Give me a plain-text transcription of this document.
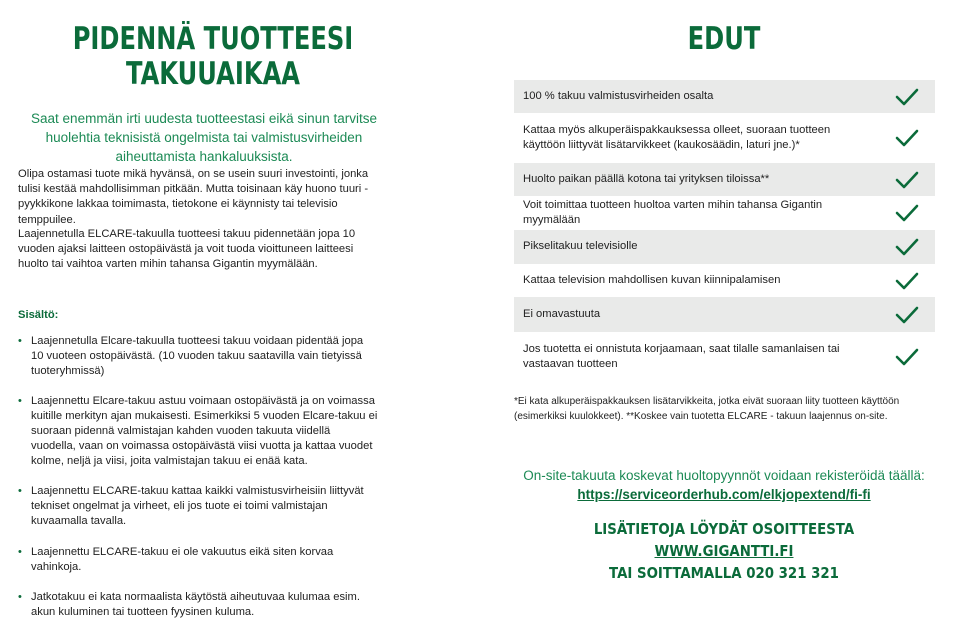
PIDENNÄ TUOTTEESI
TAKUUAIKAA
Saat enemmän irti uudesta tuotteestasi eikä sinun tarvitse huolehtia teknisistä ongelmista tai valmistusvirheiden aiheuttamista hankaluuksista.
Olipa ostamasi tuote mikä hyvänsä, on se usein suuri investointi, jonka tulisi kestää mahdollisimman pitkään. Mutta toisinaan käy huono tuuri - pyykkikone lakkaa toimimasta, tietokone ei käynnisty tai televisio temppuilee.
Laajennetulla ELCARE-takuulla tuotteesi takuu pidennetään jopa 10 vuoden ajaksi laitteen ostopäivästä ja voit tuoda vioittuneen laitteesi huolto tai vaihtoa varten mihin tahansa Gigantin myymälään.
Sisältö:
• Laajennetulla Elcare-takuulla tuotteesi takuu voidaan pidentää jopa 10 vuoteen ostopäivästä. (10 vuoden takuu saatavilla vain tietyissä tuoteryhmissä)
• Laajennettu Elcare-takuu astuu voimaan ostopäivästä ja on voimassa kuitille merkityn ajan mukaisesti. Esimerkiksi 5 vuoden Elcare-takuu ei suoraan pidennä valmistajan kahden vuoden takuuta viidellä vuodella, vaan on voimassa ostopäivästä viisi vuotta ja kattaa vuodet kolme, neljä ja viisi, joita valmistajan takuu ei enää kata.
• Laajennettu ELCARE-takuu kattaa kaikki valmistusvirheisiin liittyvät tekniset ongelmat ja virheet, eli jos tuote ei toimi valmistajan kuvaamalla tavalla.
• Laajennettu ELCARE-takuu ei ole vakuutus eikä siten korvaa vahinkoja.
• Jatkotakuu ei kata normaalista käytöstä aiheutuvaa kulumaa esim. akun kuluminen tai tuotteen fyysinen kuluma.
EDUT
100 % takuu valmistusvirheiden osalta
Kattaa myös alkuperäispakkauksessa olleet, suoraan tuotteen käyttöön liittyvät lisätarvikkeet (kaukosäädin, laturi jne.)*
Huolto paikan päällä kotona tai yrityksen tiloissa**
Voit toimittaa tuotteen huoltoa varten mihin tahansa Gigantin myymälään
Pikselitakuu televisiolle
Kattaa television mahdollisen kuvan kiinnipalamisen
Ei omavastuuta
Jos tuotetta ei onnistuta korjaamaan, saat tilalle samanlaisen tai vastaavan tuotteen
*Ei kata alkuperäispakkauksen lisätarvikkeita, jotka eivät suoraan liity tuotteen käyttöön (esimerkiksi kuulokkeet). **Koskee vain tuotetta ELCARE - takuun laajennus on-site.
On-site-takuuta koskevat huoltopyynnöt voidaan rekisteröidä täällä:
https://serviceorderhub.com/elkjopextend/fi-fi
LISÄTIETOJA LÖYDÄT OSOITTEESTA
WWW.GIGANTTI.FI
TAI SOITTAMALLA 020 321 321
